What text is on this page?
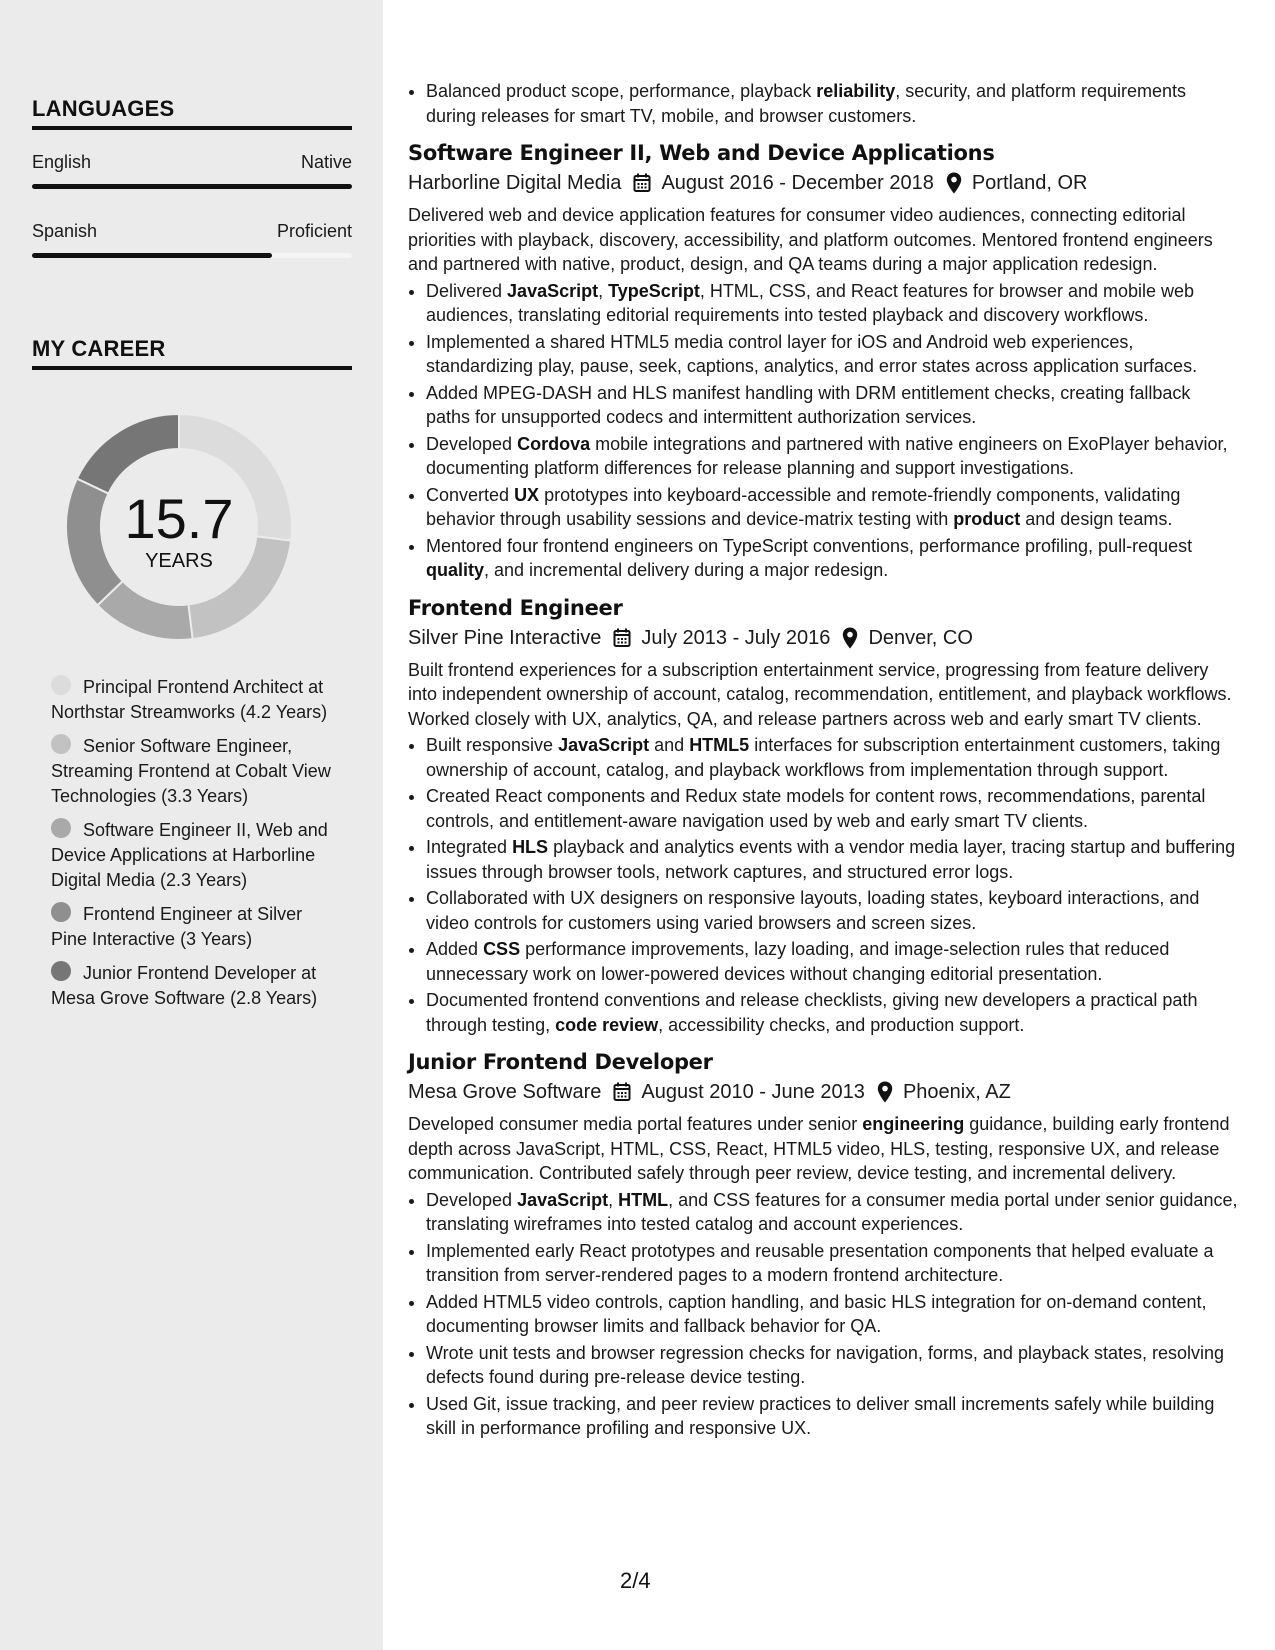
LANGUAGES
English	Native
Spanish	Proficient
MY CAREER
15.7
YEARS
Principal Frontend Architect at Northstar Streamworks (4.2 Years)
Senior Software Engineer, Streaming Frontend at Cobalt View Technologies (3.3 Years)
Software Engineer II, Web and Device Applications at Harborline Digital Media (2.3 Years)
Frontend Engineer at Silver Pine Interactive (3 Years)
Junior Frontend Developer at Mesa Grove Software (2.8 Years)
• Balanced product scope, performance, playback reliability, security, and platform requirements during releases for smart TV, mobile, and browser customers.
Software Engineer II, Web and Device Applications
Harborline Digital Media August 2016 - December 2018 Portland, OR
Delivered web and device application features for consumer video audiences, connecting editorial priorities with playback, discovery, accessibility, and platform outcomes. Mentored frontend engineers and partnered with native, product, design, and QA teams during a major application redesign.
• Delivered JavaScript, TypeScript, HTML, CSS, and React features for browser and mobile web audiences, translating editorial requirements into tested playback and discovery workflows.
• Implemented a shared HTML5 media control layer for iOS and Android web experiences, standardizing play, pause, seek, captions, analytics, and error states across application surfaces.
• Added MPEG-DASH and HLS manifest handling with DRM entitlement checks, creating fallback paths for unsupported codecs and intermittent authorization services.
• Developed Cordova mobile integrations and partnered with native engineers on ExoPlayer behavior, documenting platform differences for release planning and support investigations.
• Converted UX prototypes into keyboard-accessible and remote-friendly components, validating behavior through usability sessions and device-matrix testing with product and design teams.
• Mentored four frontend engineers on TypeScript conventions, performance profiling, pull-request quality, and incremental delivery during a major redesign.
Frontend Engineer
Silver Pine Interactive July 2013 - July 2016 Denver, CO
Built frontend experiences for a subscription entertainment service, progressing from feature delivery into independent ownership of account, catalog, recommendation, entitlement, and playback workflows. Worked closely with UX, analytics, QA, and release partners across web and early smart TV clients.
• Built responsive JavaScript and HTML5 interfaces for subscription entertainment customers, taking ownership of account, catalog, and playback workflows from implementation through support.
• Created React components and Redux state models for content rows, recommendations, parental controls, and entitlement-aware navigation used by web and early smart TV clients.
• Integrated HLS playback and analytics events with a vendor media layer, tracing startup and buffering issues through browser tools, network captures, and structured error logs.
• Collaborated with UX designers on responsive layouts, loading states, keyboard interactions, and video controls for customers using varied browsers and screen sizes.
• Added CSS performance improvements, lazy loading, and image-selection rules that reduced unnecessary work on lower-powered devices without changing editorial presentation.
• Documented frontend conventions and release checklists, giving new developers a practical path through testing, code review, accessibility checks, and production support.
Junior Frontend Developer
Mesa Grove Software August 2010 - June 2013 Phoenix, AZ
Developed consumer media portal features under senior engineering guidance, building early frontend depth across JavaScript, HTML, CSS, React, HTML5 video, HLS, testing, responsive UX, and release communication. Contributed safely through peer review, device testing, and incremental delivery.
• Developed JavaScript, HTML, and CSS features for a consumer media portal under senior guidance, translating wireframes into tested catalog and account experiences.
• Implemented early React prototypes and reusable presentation components that helped evaluate a transition from server-rendered pages to a modern frontend architecture.
• Added HTML5 video controls, caption handling, and basic HLS integration for on-demand content, documenting browser limits and fallback behavior for QA.
• Wrote unit tests and browser regression checks for navigation, forms, and playback states, resolving defects found during pre-release device testing.
• Used Git, issue tracking, and peer review practices to deliver small increments safely while building skill in performance profiling and responsive UX.
2/4
